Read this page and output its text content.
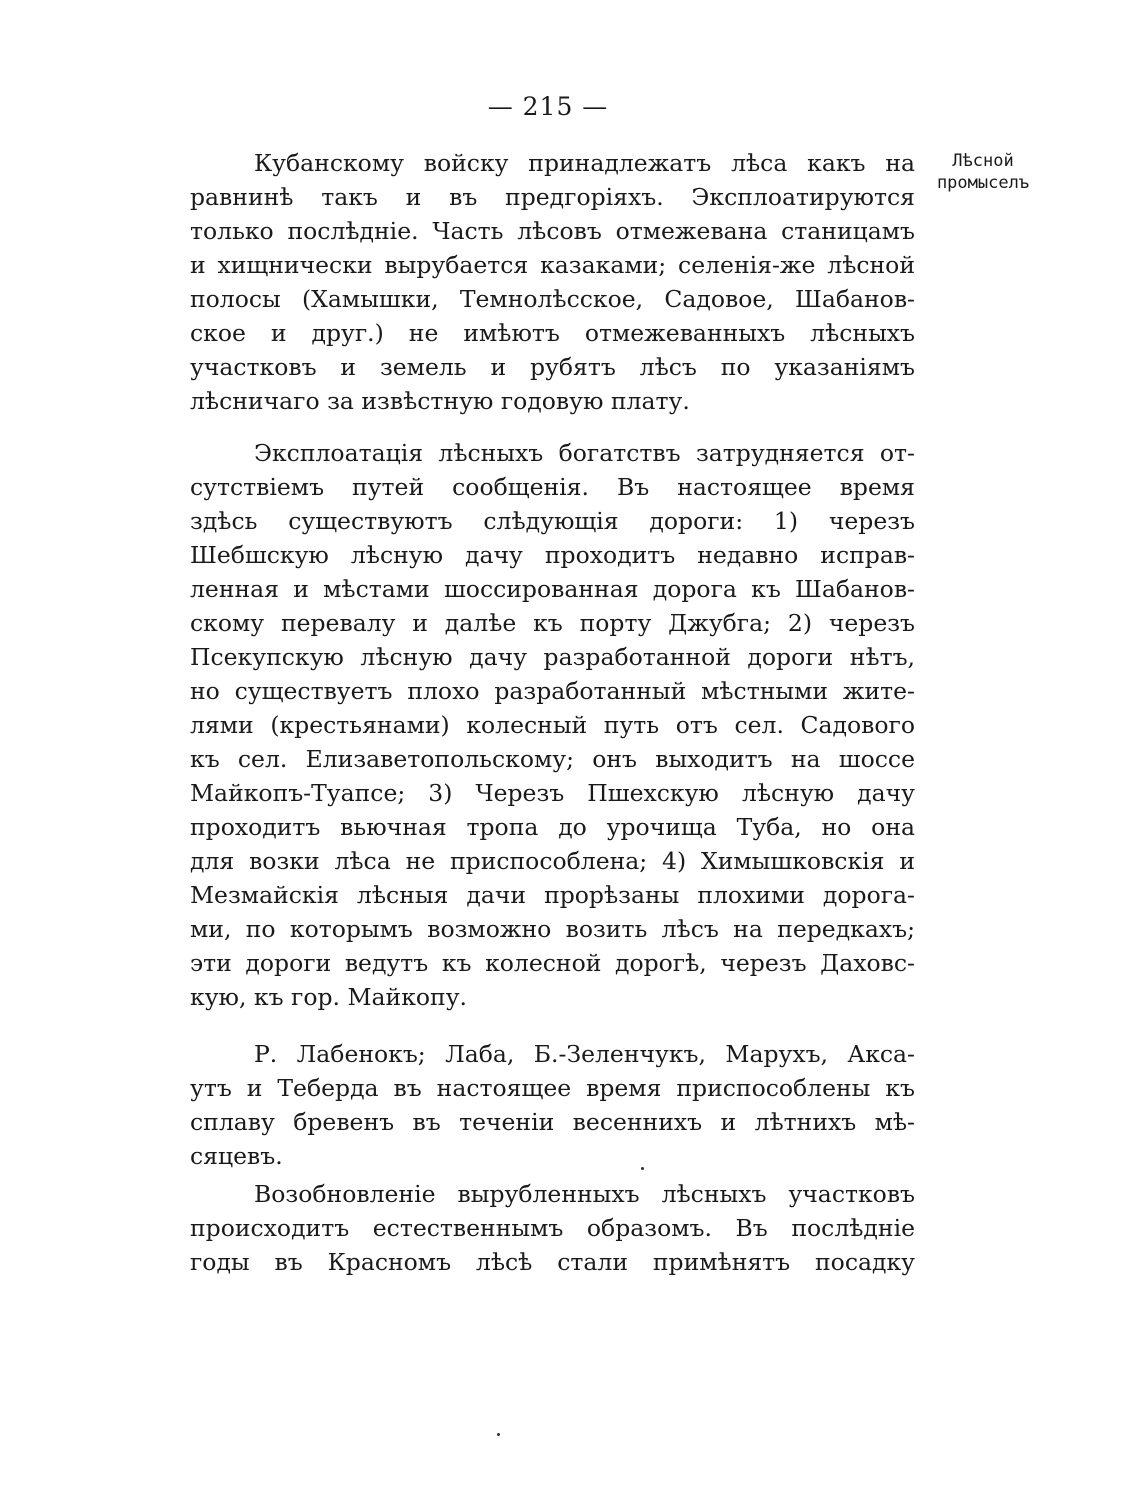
— 215 —
Лѣсной
промыселъ
Кубанскому войску принадлежатъ лѣса какъ на
равнинѣ такъ и въ предгоріяхъ. Эксплоатируются
только послѣдніе. Часть лѣсовъ отмежевана станицамъ
и хищнически вырубается казаками; селенія-же лѣсной
полосы (Хамышки, Темнолѣсское, Садовое, Шабанов-
ское и друг.) не имѣютъ отмежеванныхъ лѣсныхъ
участковъ и земель и рубятъ лѣсъ по указаніямъ
лѣсничаго за извѣстную годовую плату.
Эксплоатація лѣсныхъ богатствъ затрудняется от-
сутствіемъ путей сообщенія. Въ настоящее время
здѣсь существуютъ слѣдующія дороги: 1) черезъ
Шебшскую лѣсную дачу проходитъ недавно исправ-
ленная и мѣстами шоссированная дорога къ Шабанов-
скому перевалу и далѣе къ порту Джубга; 2) черезъ
Псекупскую лѣсную дачу разработанной дороги нѣтъ,
но существуетъ плохо разработанный мѣстными жите-
лями (крестьянами) колесный путь отъ сел. Садового
къ сел. Елизаветопольскому; онъ выходитъ на шоссе
Майкопъ-Туапсе; 3) Черезъ Пшехскую лѣсную дачу
проходитъ вьючная тропа до урочища Туба, но она
для возки лѣса не приспособлена; 4) Химышковскія и
Мезмайскія лѣсныя дачи прорѣзаны плохими дорога-
ми, по которымъ возможно возить лѣсъ на передкахъ;
эти дороги ведутъ къ колесной дорогѣ, черезъ Даховс-
кую, къ гор. Майкопу.
Р. Лабенокъ; Лаба, Б.-Зеленчукъ, Марухъ, Аксa-
утъ и Теберда въ настоящее время приспособлены къ
сплаву бревенъ въ теченіи весеннихъ и лѣтнихъ мѣ-
сяцевъ.
Возобновленіе вырубленныхъ лѣсныхъ участковъ
происходитъ естественнымъ образомъ. Въ послѣдніе
годы въ Красномъ лѣсѣ стали примѣнятъ посадку
